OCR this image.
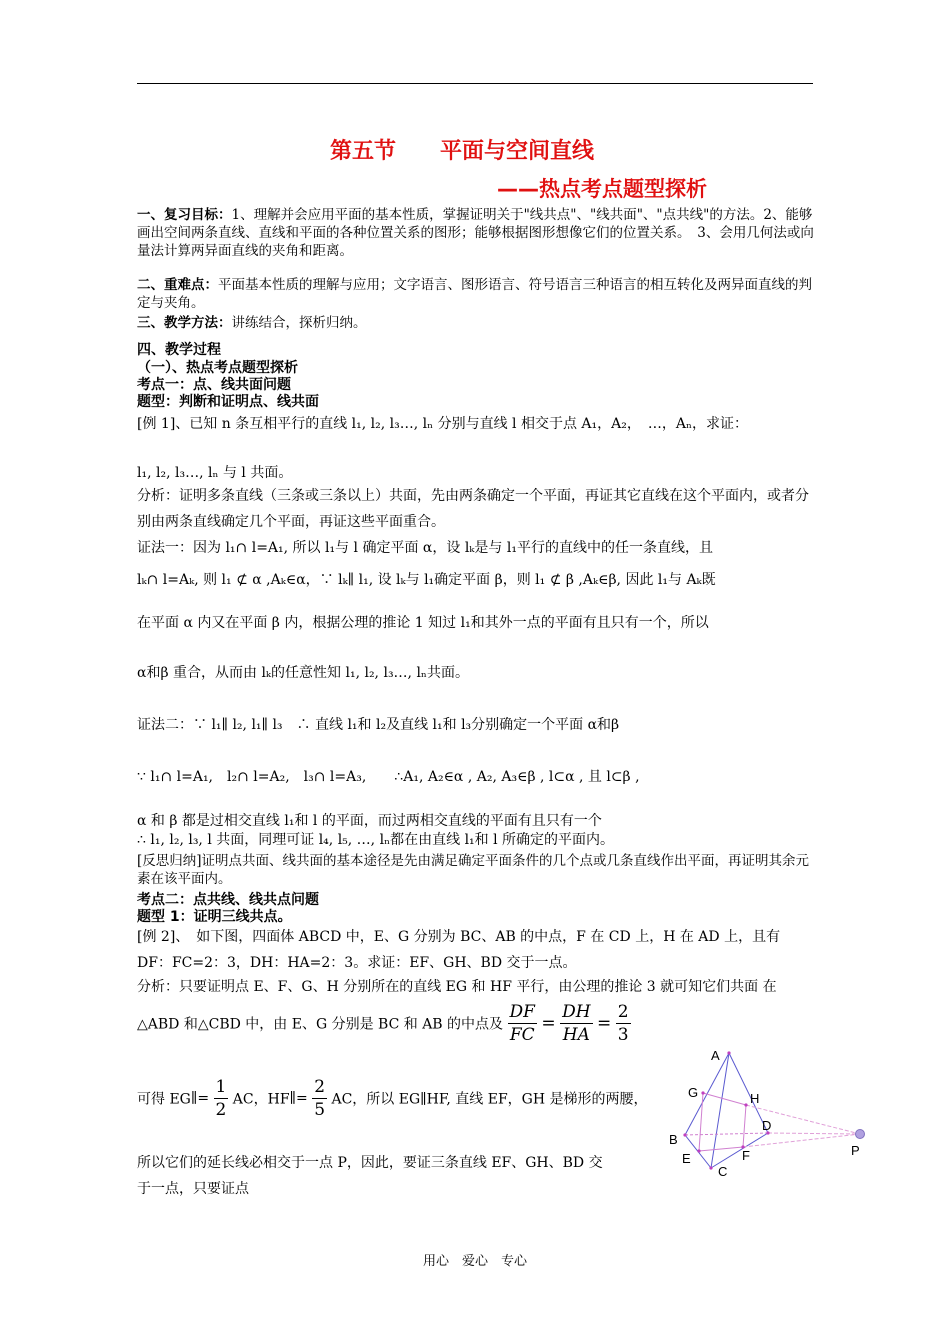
第五节　　平面与空间直线
——热点考点题型探析
一、复习目标：1、理解并会应用平面的基本性质，掌握证明关于"线共点"、"线共面"、"点共线"的方法。2、能够画出空间两条直线、直线和平面的各种位置关系的图形；能够根据图形想像它们的位置关系。　3、会用几何法或向量法计算两异面直线的夹角和距离。
二、重难点：平面基本性质的理解与应用；文字语言、图形语言、符号语言三种语言的相互转化及两异面直线的判定与夹角。
三、教学方法：讲练结合，探析归纳。
四、教学过程
（一）、热点考点题型探析
考点一：点、线共面问题
题型：判断和证明点、线共面
[例 1]、已知 n 条互相平行的直线 l₁, l₂, l₃…, lₙ 分别与直线 l 相交于点 A₁，A₂，　…，Aₙ，求证：
l₁, l₂, l₃…, lₙ 与 l 共面。
分析：证明多条直线（三条或三条以上）共面，先由两条确定一个平面，再证其它直线在这个平面内，或者分别由两条直线确定几个平面，再证这些平面重合。
证法一：因为 l₁∩ l=A₁, 所以 l₁与 l 确定平面 α，设 lₖ是与 l₁平行的直线中的任一条直线，且
lₖ∩ l=Aₖ, 则 l₁ ⊄ α ,Aₖ∈α，∵ lₖ∥ l₁, 设 lₖ与 l₁确定平面 β，则 l₁ ⊄ β ,Aₖ∈β, 因此 l₁与 Aₖ既
在平面 α 内又在平面 β 内，根据公理的推论 1 知过 l₁和其外一点的平面有且只有一个，所以
α和β 重合，从而由 lₖ的任意性知 l₁, l₂, l₃…, lₙ共面。
证法二：∵ l₁∥ l₂, l₁∥ l₃　∴ 直线 l₁和 l₂及直线 l₁和 l₃分别确定一个平面 α和β
∵ l₁∩ l=A₁,　l₂∩ l=A₂,　l₃∩ l=A₃,　　∴A₁, A₂∈α , A₂, A₃∈β , l⊂α , 且 l⊂β ,
α 和 β 都是过相交直线 l₁和 l 的平面，而过两相交直线的平面有且只有一个
∴ l₁, l₂, l₃, l 共面，同理可证 l₄, l₅, …, lₙ都在由直线 l₁和 l 所确定的平面内。
[反思归纳]证明点共面、线共面的基本途径是先由满足确定平面条件的几个点或几条直线作出平面，再证明其余元素在该平面内。
考点二：点共线、线共点问题
题型 1：证明三线共点。
[例 2]、　如下图，四面体 ABCD 中，E、G 分别为 BC、AB 的中点，F 在 CD 上，H 在 AD 上，且有 DF：FC=2：3，DH：HA=2：3。求证：EF、GH、BD 交于一点。
分析：只要证明点 E、F、G、H 分别所在的直线 EG 和 HF 平行，由公理的推论 3 就可知它们共面 在
△ABD 和△CBD 中，由 E、G 分别是 BC 和 AB 的中点及 $\frac{DF}{FC} = \frac{DH}{HA} = \frac{2}{3}$
可得 EG∥= $\frac{1}{2}$ AC，HF∥= $\frac{2}{5}$ AC，所以 EG∥HF, 直线 EF，GH 是梯形的两腰，
所以它们的延长线必相交于一点 P，因此，要证三条直线 EF、GH、BD 交
于一点，只要证点
A
G	H
B
D
E	F
C
P
用心　爱心　专心
